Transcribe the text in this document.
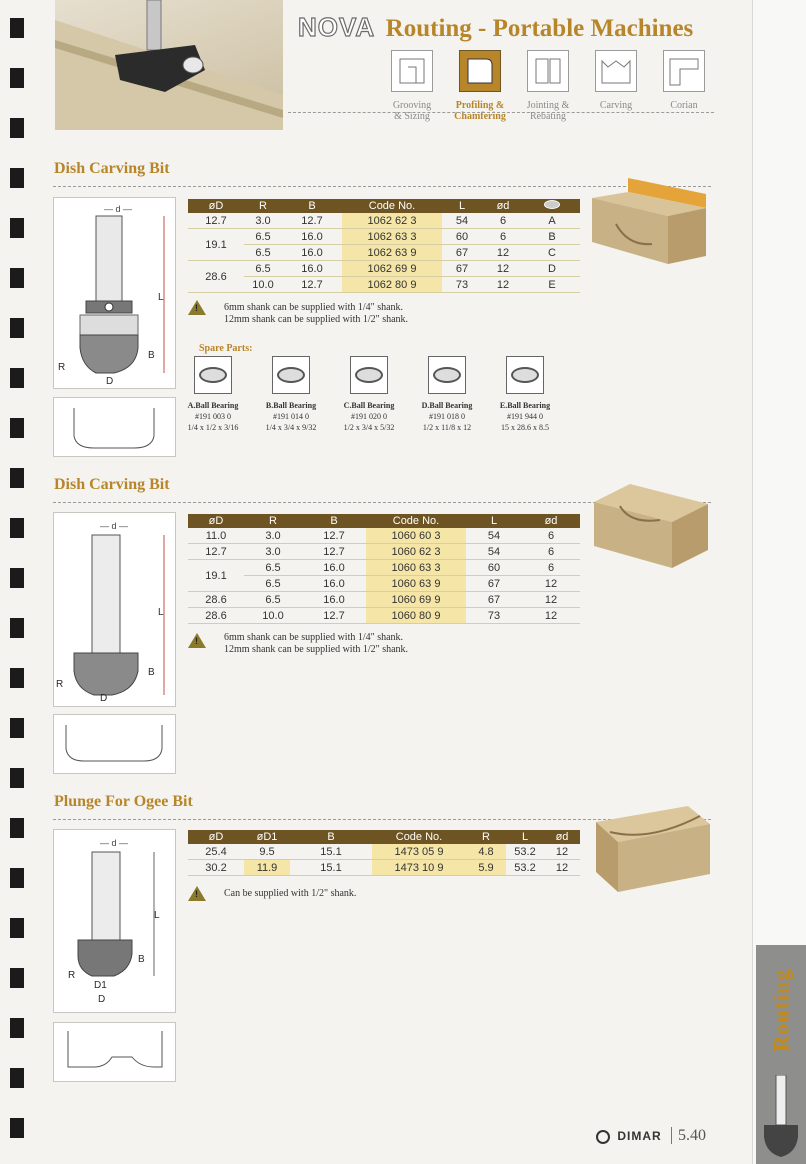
Routing
NOVA Routing - Portable Machines
Grooving
& Sizing
Profiling &
Chamfering
Jointing &
Rebating
Carving	Corian
Dish Carving Bit
— d —
L
B
R
D
øD	R	B	Code No.	L	ød	
12.7	3.0	12.7	1062 62 3	54	6	A
19.1	6.5	16.0	1062 63 3	60	6	B
	6.5	16.0	1062 63 9	67	12	C
28.6	6.5	16.0	1062 69 9	67	12	D
	10.0	12.7	1062 80 9	73	12	E
!	6mm shank can be supplied with 1/4" shank.
12mm shank can be supplied with 1/2" shank.
Spare Parts:
A.Ball Bearing
#191 003 0
1/4 x 1/2 x 3/16
B.Ball Bearing
#191 014 0
1/4 x 3/4 x 9/32
C.Ball Bearing
#191 020 0
1/2 x 3/4 x 5/32
D.Ball Bearing
#191 018 0
1/2 x 11/8 x 12
E.Ball Bearing
#191 944 0
15 x 28.6 x 8.5
Dish Carving Bit
— d —
L
B
R
D
øD	R	B	Code No.	L	ød
11.0	3.0	12.7	1060 60 3	54	6
12.7	3.0	12.7	1060 62 3	54	6
19.1	6.5	16.0	1060 63 3	60	6
	6.5	16.0	1060 63 9	67	12
28.6	6.5	16.0	1060 69 9	67	12
28.6	10.0	12.7	1060 80 9	73	12
!	6mm shank can be supplied with 1/4" shank.
12mm shank can be supplied with 1/2" shank.
Plunge For Ogee Bit
— d —
L
B
R
D1
D
øD	øD1	B	Code No.	R	L	ød
25.4	9.5	15.1	1473 05 9	4.8	53.2	12
30.2	11.9	15.1	1473 10 9	5.9	53.2	12
!	Can be supplied with 1/2" shank.
DIMAR 5.40
